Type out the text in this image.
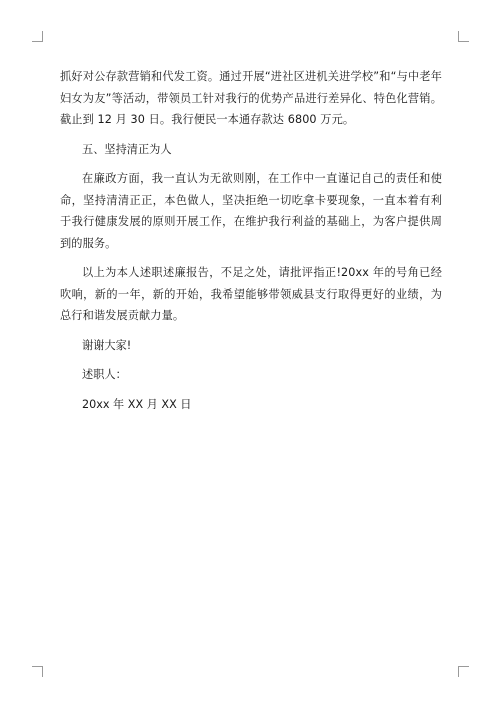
抓好对公存款营销和代发工资。通过开展“进社区进机关进学校”和“与中老年妇女为友”等活动，带领员工针对我行的优势产品进行差异化、特色化营销。截止到 12 月 30 日。我行便民一本通存款达 6800 万元。

五、坚持清正为人

在廉政方面，我一直认为无欲则刚，在工作中一直谨记自己的责任和使命，坚持清清正正，本色做人，坚决拒绝一切吃拿卡要现象，一直本着有利于我行健康发展的原则开展工作，在维护我行利益的基础上，为客户提供周到的服务。

以上为本人述职述廉报告，不足之处，请批评指正!20xx 年的号角已经吹响，新的一年，新的开始，我希望能够带领威县支行取得更好的业绩，为总行和谐发展贡献力量。

谢谢大家!

述职人：

20xx 年 XX 月 XX 日
